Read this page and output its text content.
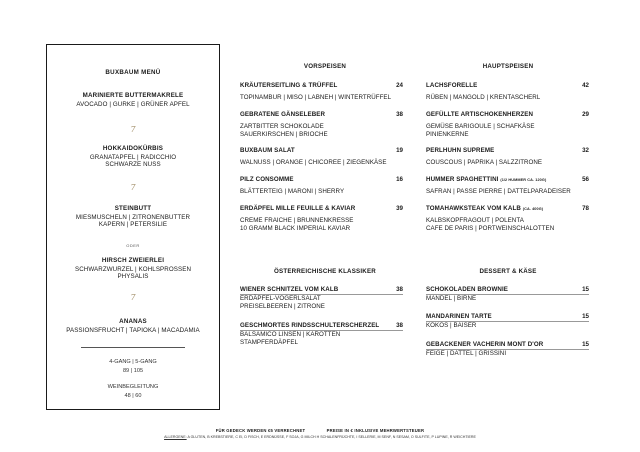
BUXBAUM MENÜ
MARINIERTE BUTTERMAKRELE
AVOCADO | GURKE | GRÜNER APFEL
7
HOKKAIDOKÜRBIS
GRANATAPFEL | RADICCHIO
SCHWARZE NUSS
7
STEINBUTT
MIESMUSCHELN | ZITRONENBUTTER
KAPERN | PETERSILIE
ODER
HIRSCH ZWEIERLEI
SCHWARZWURZEL | KOHLSPROSSEN
PHYSALIS
7
ANANAS
PASSIONSFRUCHT | TAPIOKA | MACADAMIA
4-GANG | 5-GANG
89 | 105
WEINBEGLEITUNG
48 | 60
VORSPEISEN	HAUPTSPEISEN
ÖSTERREICHISCHE KLASSIKER	DESSERT & KÄSE
KRÄUTERSEITLING & TRÜFFEL	24
TOPINAMBUR | MISO | LABNEH | WINTERTRÜFFEL
GEBRATENE GÄNSELEBER	38
ZARTBITTER SCHOKOLADE
SAUERKIRSCHEN | BRIOCHE
BUXBAUM SALAT	19
WALNUSS | ORANGE | CHICOREE | ZIEGENKÄSE
PILZ CONSOMME	16
BLÄTTERTEIG | MARONI | SHERRY
ERDÄPFEL MILLE FEUILLE & KAVIAR	39
CREME FRAICHE | BRUNNENKRESSE
10 GRAMM BLACK IMPERIAL KAVIAR
LACHSFORELLE	42
RÜBEN | MANGOLD | KRENTASCHERL
GEFÜLLTE ARTISCHOKENHERZEN	29
GEMÜSE BARIGOULE | SCHAFKÄSE
PINIENKERNE
PERLHUHN SUPREME	32
COUSCOUS | PAPRIKA | SALZZITRONE
HUMMER SPAGHETTINI (1/2 HUMMER CA. 120G)	56
SAFRAN | PASSE PIERRE | DATTELPARADEISER
TOMAHAWKSTEAK VOM KALB (CA. 400G)	78
KALBSKOPFRAGOUT | POLENTA
CAFE DE PARIS | PORTWEINSCHALOTTEN
WIENER SCHNITZEL VOM KALB	38
ERDÄPFEL-VOGERLSALAT
PREISELBEEREN | ZITRONE
GESCHMORTES RINDSSCHULTERSCHERZEL	38
BALSAMICO LINSEN | KAROTTEN
STAMPFERDÄPFEL
SCHOKOLADEN BROWNIE	15
MANDEL | BIRNE
MANDARINEN TARTE	15
KOKOS | BAISER
GEBACKENER VACHERIN MONT D'OR	15
FEIGE | DATTEL | GRISSINI
FÜR GEDECK WERDEN €5 VERRECHNET	PREISE IN € INKLUSIVE MEHRWERTSTEUER
ALLERGENE: A GLUTEN, B KREBSTIERE, C EI, D FISCH, E ERDNÜSSE, F SOJA, G MILCH H SCHALENFRÜCHTE, I SELLERIE, M SENF, N SESAM, O SULFITE, P LUPINE, R WEICHTIERE
